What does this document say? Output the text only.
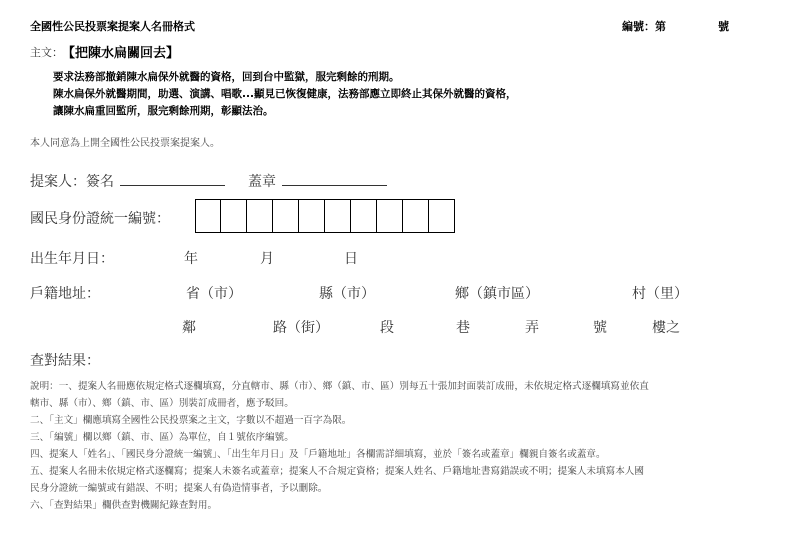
全國性公民投票案提案人名冊格式	編號：第	號
主文： 【把陳水扁關回去】
要求法務部撤銷陳水扁保外就醫的資格，回到台中監獄，服完剩餘的刑期。
陳水扁保外就醫期間，助選、演講、唱歌...顯見已恢復健康，法務部應立即終止其保外就醫的資格，
讓陳水扁重回監所，服完剩餘刑期，彰顯法治。
本人同意為上開全國性公民投票案提案人。
提案人：簽名	蓋章
國民身份證統一編號：
出生年月日：	年	月	日
戶籍地址：	省（市）	縣（市）	鄉（鎮市區）	村（里）
鄰	路（街）	段	巷	弄	號	樓之
查對結果：
說明：一、提案人名冊應依規定格式逐欄填寫，分直轄市、縣（市）、鄉（鎮、市、區）別每五十張加封面裝訂成冊，未依規定格式逐欄填寫並依直
轄市、縣（市）、鄉（鎮、市、區）別裝訂成冊者，應予駁回。
二、「主文」欄應填寫全國性公民投票案之主文，字數以不超過一百字為限。
三、「編號」欄以鄉（鎮、市、區）為單位，自１號依序編號。
四、提案人「姓名」、「國民身分證統一編號」、「出生年月日」及「戶籍地址」各欄需詳細填寫，並於「簽名或蓋章」欄親自簽名或蓋章。
五、提案人名冊未依規定格式逐欄寫；提案人未簽名或蓋章；提案人不合規定資格；提案人姓名、戶籍地址書寫錯誤或不明；提案人未填寫本人國
民身分證統一編號或有錯誤、不明；提案人有偽造情事者，予以刪除。
六、「查對結果」欄供查對機關紀錄查對用。
